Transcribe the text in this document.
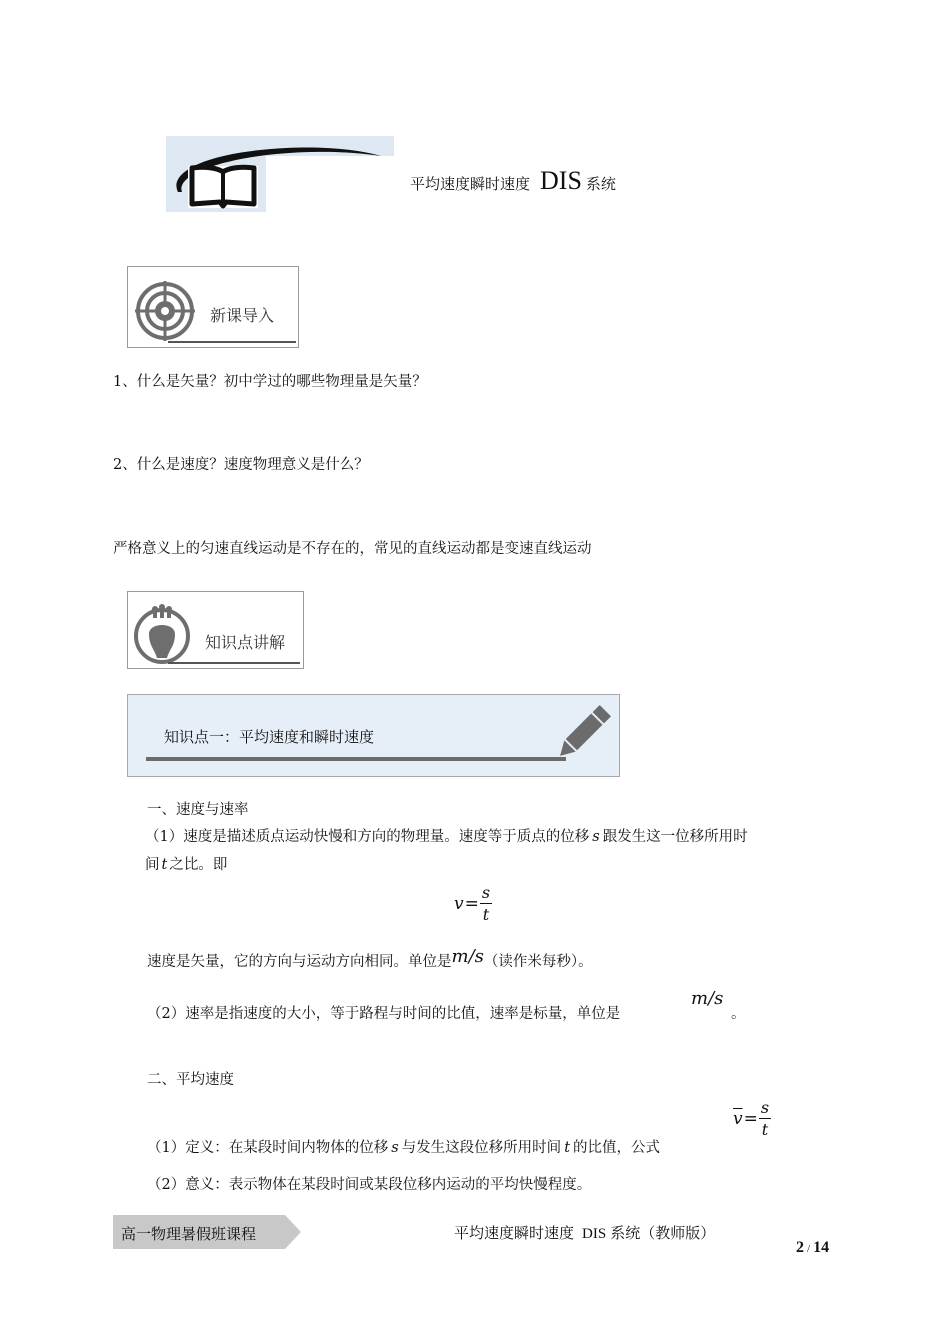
平均速度瞬时速度 DIS 系统
新课导入
1、什么是矢量？初中学过的哪些物理量是矢量？
2、什么是速度？速度物理意义是什么？
严格意义上的匀速直线运动是不存在的，常见的直线运动都是变速直线运动
知识点讲解
知识点一：平均速度和瞬时速度
一、速度与速率
（1）速度是描述质点运动快慢和方向的物理量。速度等于质点的位移 s 跟发生这一位移所用时
间 t 之比。即
$v= \frac{s}{t}$
速度是矢量，它的方向与运动方向相同。单位是m/s（读作米每秒）。
（2）速率是指速度的大小，等于路程与时间的比值，速率是标量，单位是
m/s
。
二、平均速度
$\overline{v}= \frac{s}{t}$
（1）定义：在某段时间内物体的位移 s 与发生这段位移所用时间 t 的比值，公式
（2）意义：表示物体在某段时间或某段位移内运动的平均快慢程度。
高一物理暑假班课程	平均速度瞬时速度 DIS 系统（教师版）
2 / 14
